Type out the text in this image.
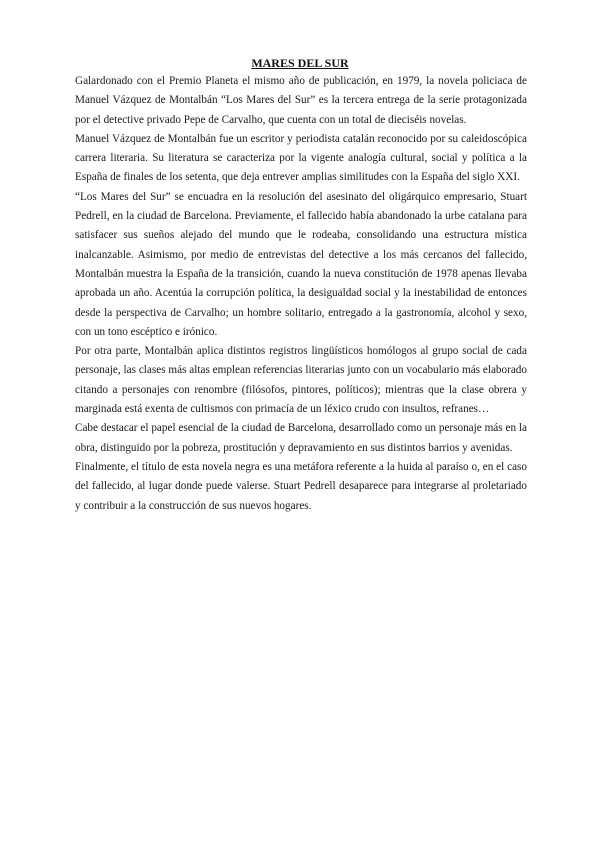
MARES DEL SUR

Galardonado con el Premio Planeta el mismo año de publicación, en 1979, la novela policiaca de Manuel Vázquez de Montalbán “Los Mares del Sur” es la tercera entrega de la serie protagonizada por el detective privado Pepe de Carvalho, que cuenta con un total de dieciséis novelas.

Manuel Vázquez de Montalbán fue un escritor y periodista catalán reconocido por su caleidoscópica carrera literaria. Su literatura se caracteriza por la vigente analogía cultural, social y política a la España de finales de los setenta, que deja entrever amplias similitudes con la España del siglo XXI.

“Los Mares del Sur” se encuadra en la resolución del asesinato del oligárquico empresario, Stuart Pedrell, en la ciudad de Barcelona. Previamente, el fallecido había abandonado la urbe catalana para satisfacer sus sueños alejado del mundo que le rodeaba, consolidando una estructura mística inalcanzable. Asimismo, por medio de entrevistas del detective a los más cercanos del fallecido, Montalbán muestra la España de la transición, cuando la nueva constitución de 1978 apenas llevaba aprobada un año. Acentúa la corrupción política, la desigualdad social y la inestabilidad de entonces desde la perspectiva de Carvalho; un hombre solitario, entregado a la gastronomía, alcohol y sexo, con un tono escéptico e irónico.

Por otra parte, Montalbán aplica distintos registros lingüísticos homólogos al grupo social de cada personaje, las clases más altas emplean referencias literarias junto con un vocabulario más elaborado citando a personajes con renombre (filósofos, pintores, políticos); mientras que la clase obrera y marginada está exenta de cultismos con primacía de un léxico crudo con insultos, refranes…

Cabe destacar el papel esencial de la ciudad de Barcelona, desarrollado como un personaje más en la obra, distinguido por la pobreza, prostitución y depravamiento en sus distintos barrios y avenidas.

Finalmente, el título de esta novela negra es una metáfora referente a la huida al paraíso o, en el caso del fallecido, al lugar donde puede valerse. Stuart Pedrell desaparece para integrarse al proletariado y contribuir a la construcción de sus nuevos hogares.
